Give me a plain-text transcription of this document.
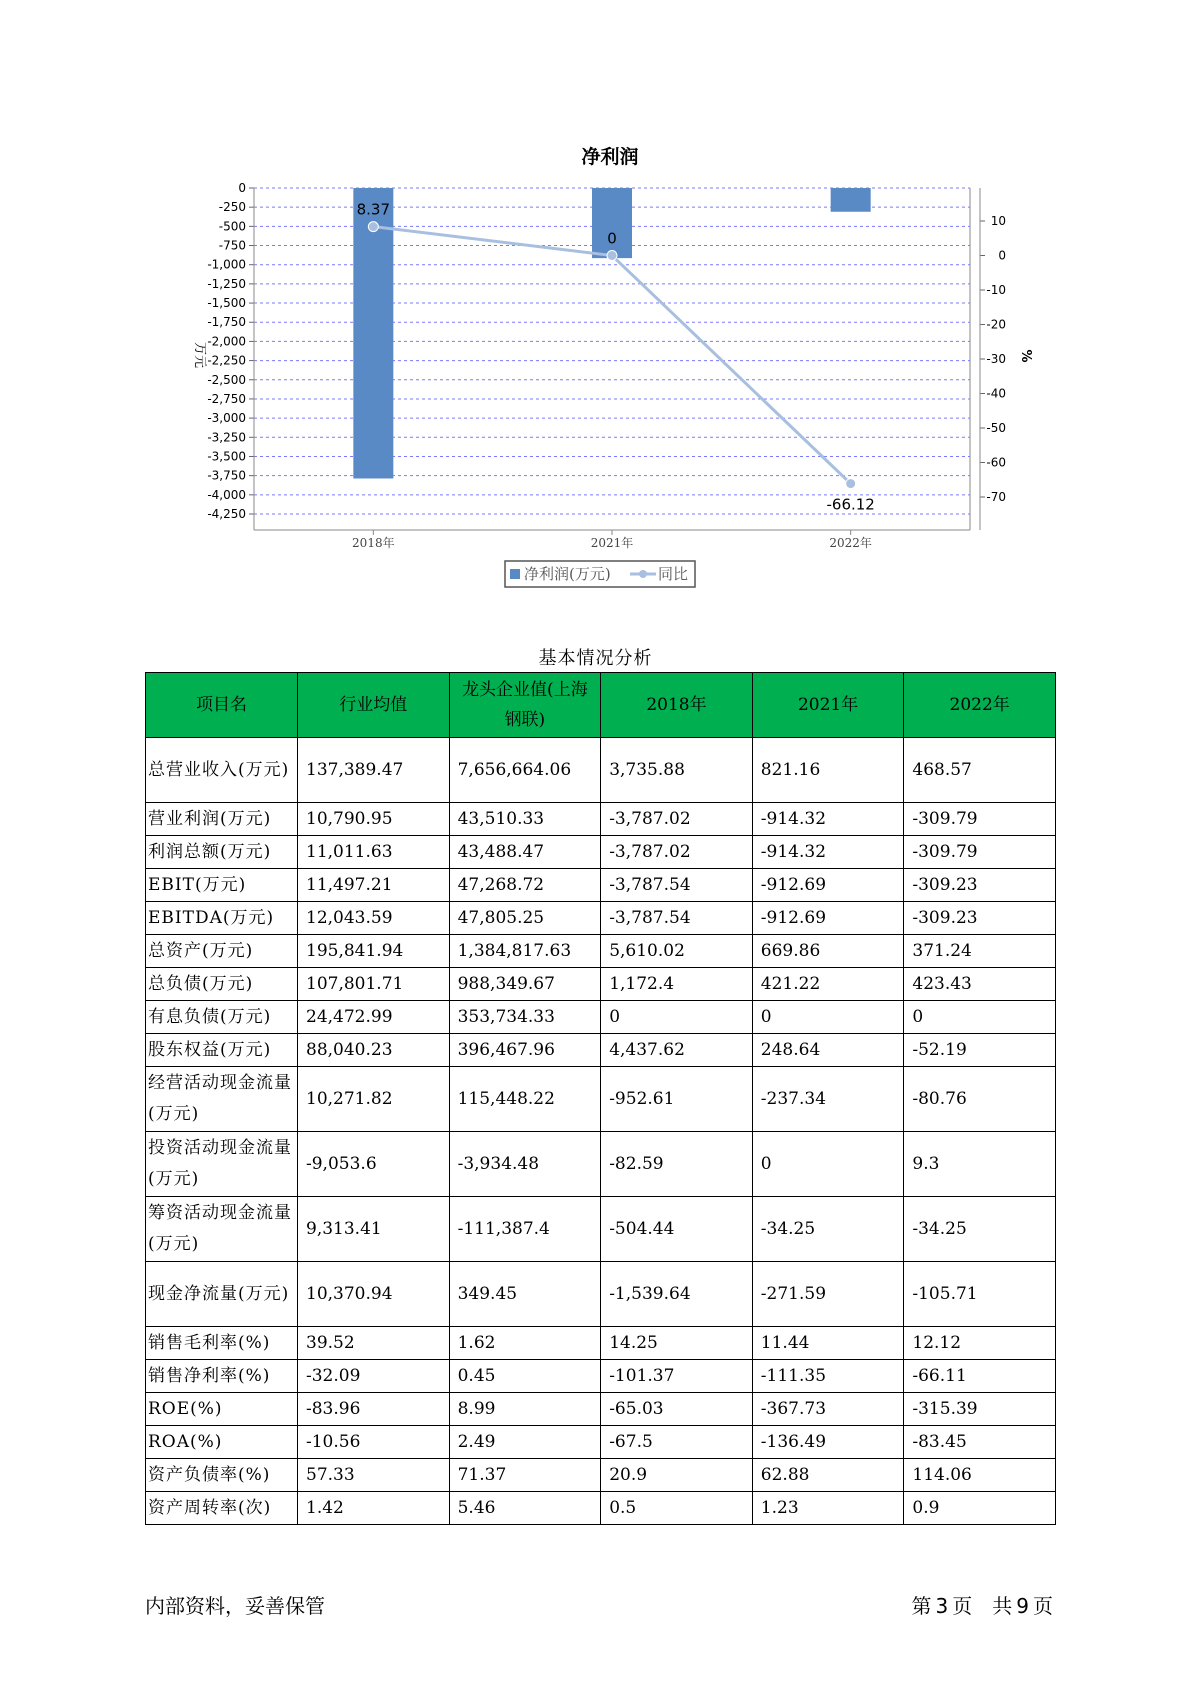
净利润
0
-250
-500
-750
-1,000
-1,250
-1,500
-1,750
-2,000
-2,250
-2,500
-2,750
-3,000
-3,250
-3,500
-3,750
-4,000
-4,250
10
0
-10
-20
-30
-40
-50
-60
-70
万元	%
8.37
0
-66.12
2018年	2021年	2022年
净利润(万元)	同比
基本情况分析
项目名	行业均值	龙头企业值(上海钢联)	2018年	2021年	2022年
总营业收入(万元)	137,389.47	7,656,664.06	3,735.88	821.16	468.57
营业利润(万元)	10,790.95	43,510.33	-3,787.02	-914.32	-309.79
利润总额(万元)	11,011.63	43,488.47	-3,787.02	-914.32	-309.79
EBIT(万元)	11,497.21	47,268.72	-3,787.54	-912.69	-309.23
EBITDA(万元)	12,043.59	47,805.25	-3,787.54	-912.69	-309.23
总资产(万元)	195,841.94	1,384,817.63	5,610.02	669.86	371.24
总负债(万元)	107,801.71	988,349.67	1,172.4	421.22	423.43
有息负债(万元)	24,472.99	353,734.33	0	0	0
股东权益(万元)	88,040.23	396,467.96	4,437.62	248.64	-52.19
经营活动现金流量(万元)	10,271.82	115,448.22	-952.61	-237.34	-80.76
投资活动现金流量(万元)	-9,053.6	-3,934.48	-82.59	0	9.3
筹资活动现金流量(万元)	9,313.41	-111,387.4	-504.44	-34.25	-34.25
现金净流量(万元)	10,370.94	349.45	-1,539.64	-271.59	-105.71
销售毛利率(%)	39.52	1.62	14.25	11.44	12.12
销售净利率(%)	-32.09	0.45	-101.37	-111.35	-66.11
ROE(%)	-83.96	8.99	-65.03	-367.73	-315.39
ROA(%)	-10.56	2.49	-67.5	-136.49	-83.45
资产负债率(%)	57.33	71.37	20.9	62.88	114.06
资产周转率(次)	1.42	5.46	0.5	1.23	0.9
内部资料，妥善保管	第 3 页　共 9 页
